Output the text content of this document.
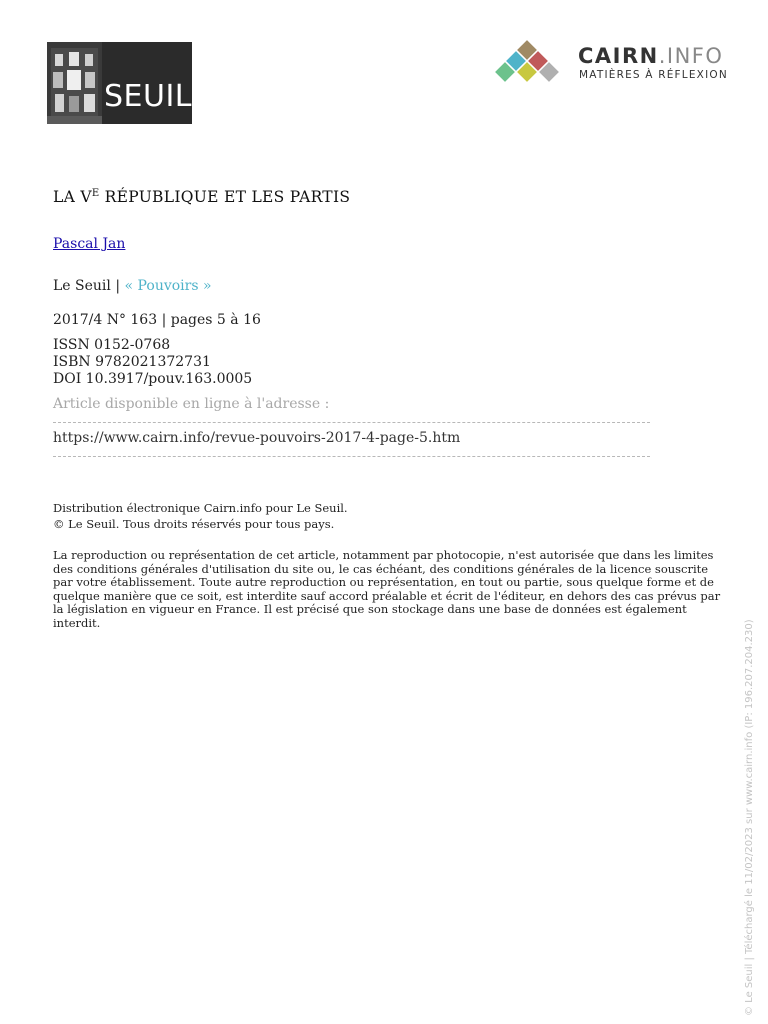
SEUIL
CAIRN.INFO
MATIÈRES À RÉFLEXION
LA $V^E$ RÉPUBLIQUE ET LES PARTIS
Pascal Jan
Le Seuil | « Pouvoirs »
2017/4 N° 163 | pages 5 à 16
ISSN 0152-0768
ISBN 9782021372731
DOI 10.3917/pouv.163.0005
Article disponible en ligne à l'adresse :
https://www.cairn.info/revue-pouvoirs-2017-4-page-5.htm
Distribution électronique Cairn.info pour Le Seuil.
© Le Seuil. Tous droits réservés pour tous pays.
La reproduction ou représentation de cet article, notamment par photocopie, n'est autorisée que dans les limites des conditions générales d'utilisation du site ou, le cas échéant, des conditions générales de la licence souscrite par votre établissement. Toute autre reproduction ou représentation, en tout ou partie, sous quelque forme et de quelque manière que ce soit, est interdite sauf accord préalable et écrit de l'éditeur, en dehors des cas prévus par la législation en vigueur en France. Il est précisé que son stockage dans une base de données est également interdit.	© Le Seuil | Téléchargé le 11/02/2023 sur www.cairn.info (IP: 196.207.204.230)
